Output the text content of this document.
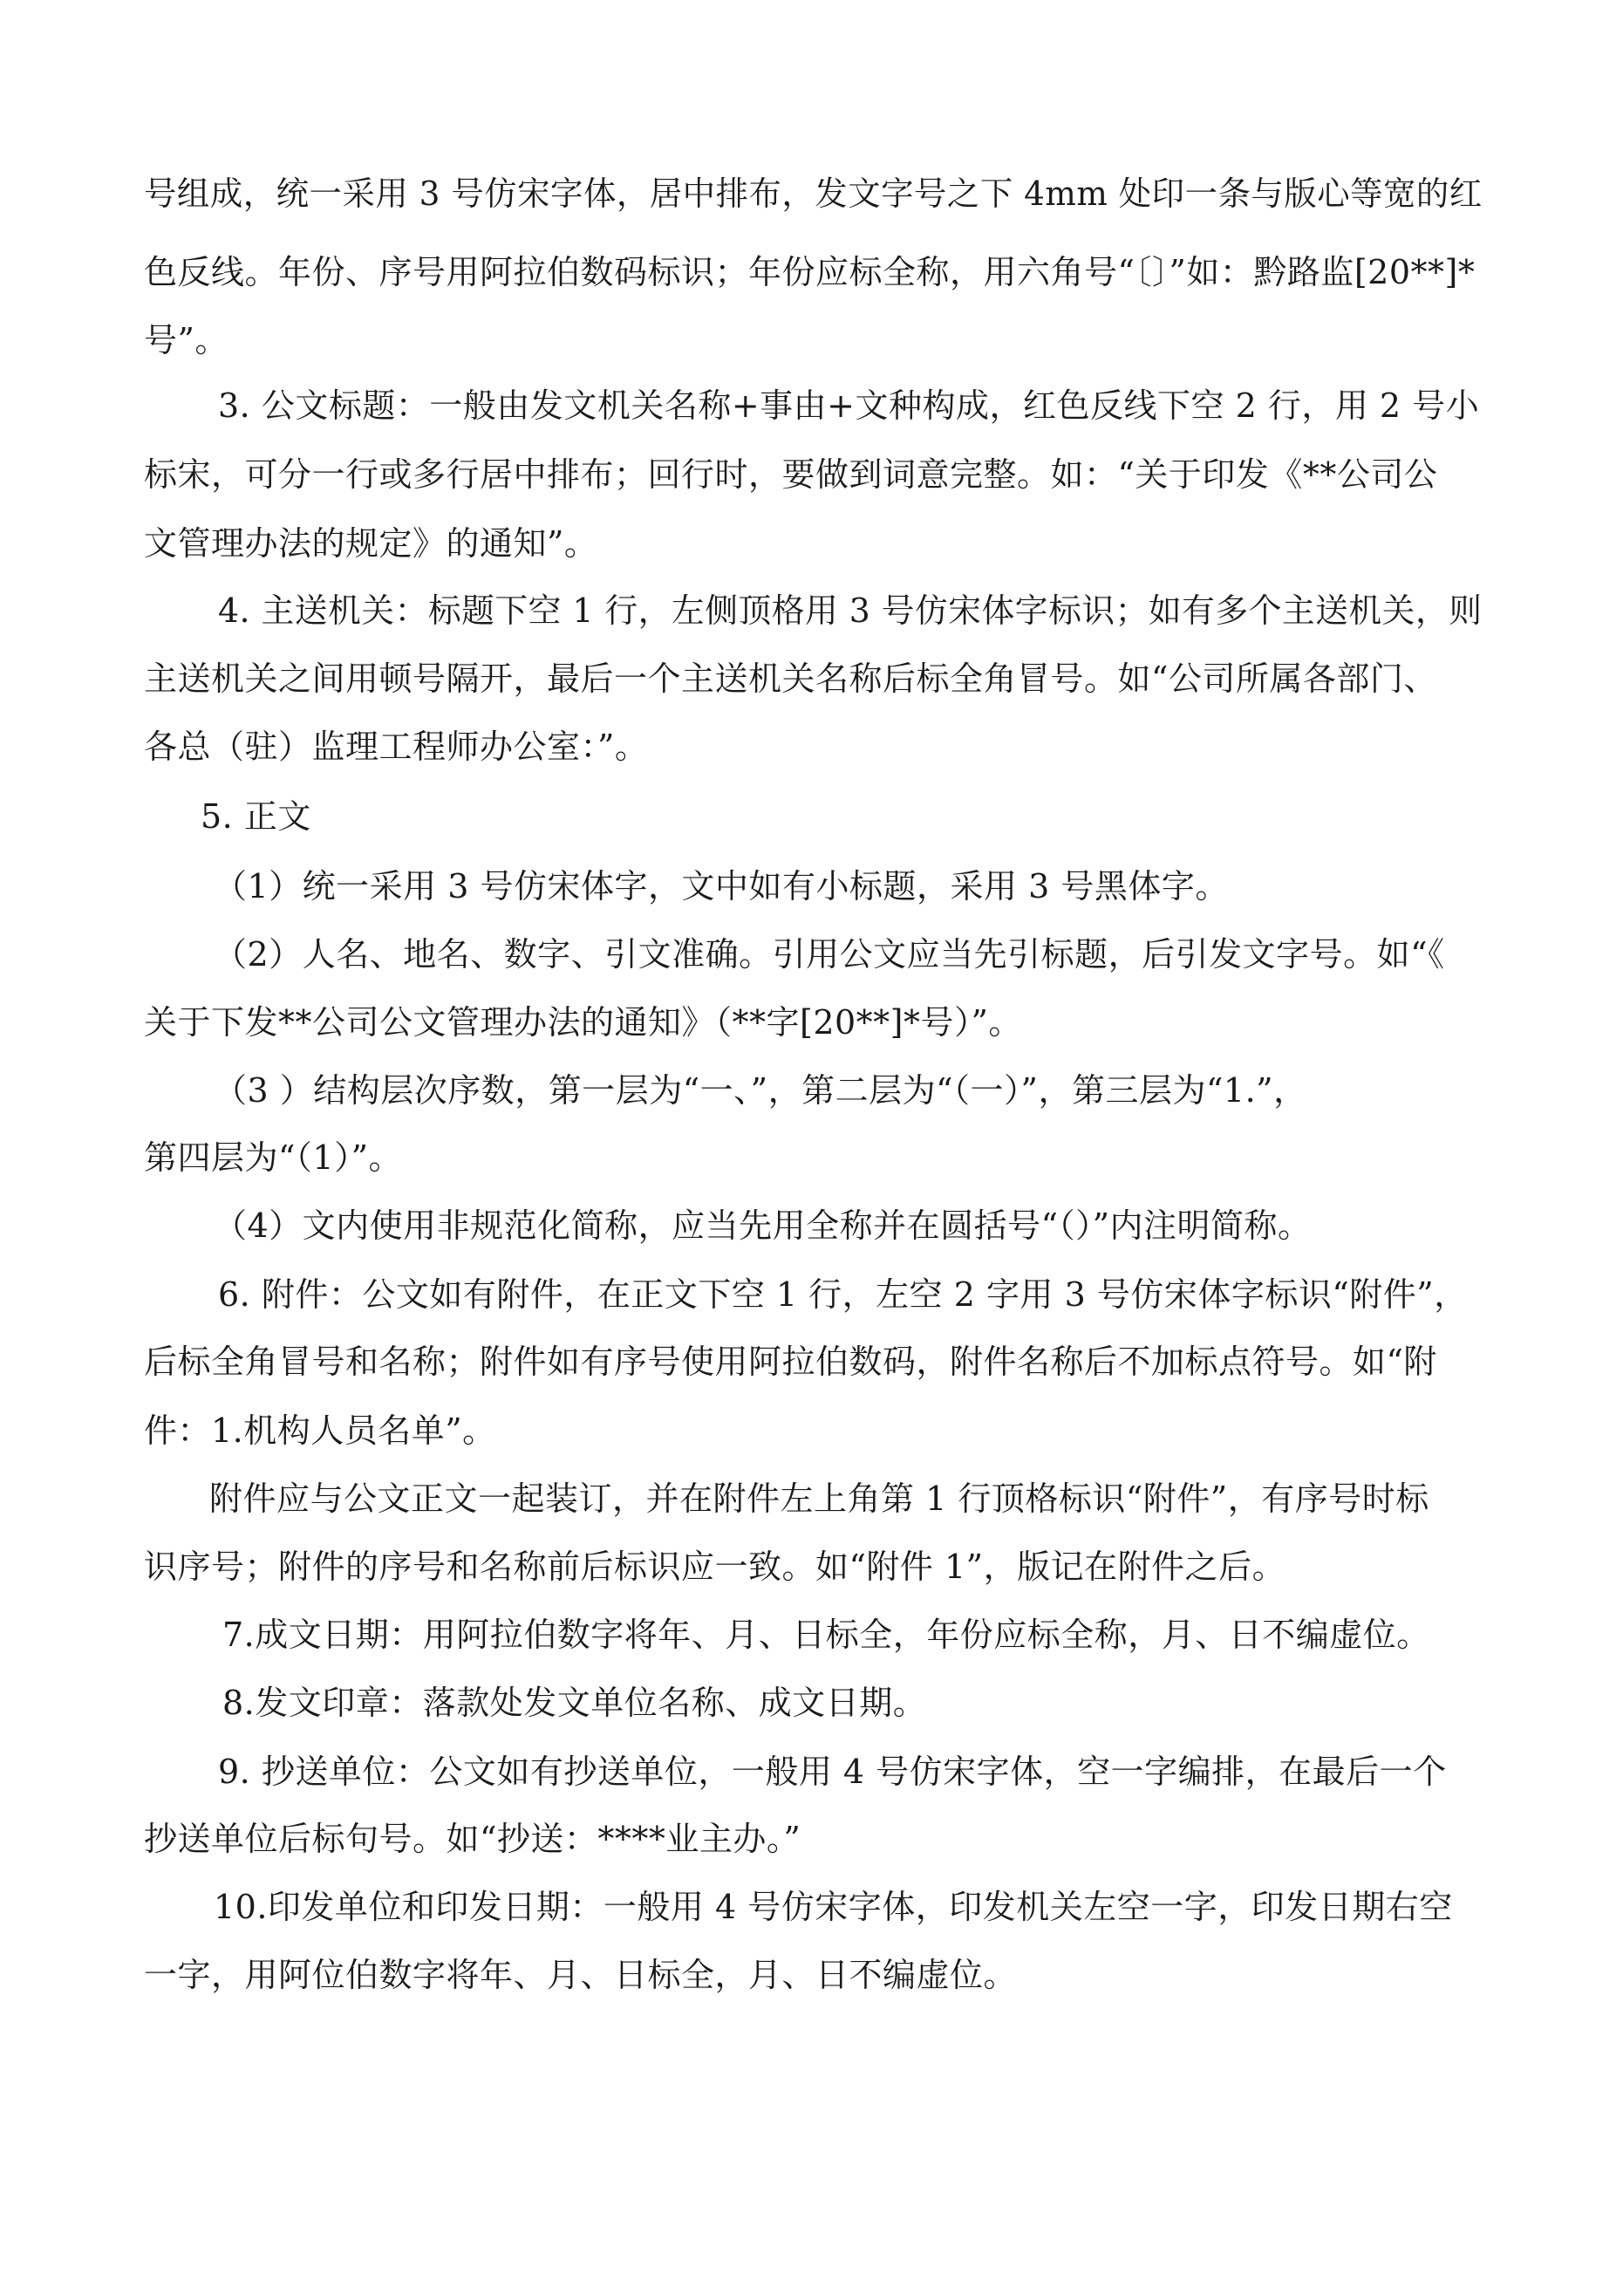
号组成，统一采用 3 号仿宋字体，居中排布，发文字号之下 4mm 处印一条与版心等宽的红
色反线。年份、序号用阿拉伯数码标识；年份应标全称，用六角号“〔〕”如：黔路监[20**]*
号”。
3. 公文标题：一般由发文机关名称+事由+文种构成，红色反线下空 2 行，用 2 号小
标宋，可分一行或多行居中排布；回行时，要做到词意完整。如：“关于印发《**公司公
文管理办法的规定》的通知”。
4. 主送机关：标题下空 1 行，左侧顶格用 3 号仿宋体字标识；如有多个主送机关，则
主送机关之间用顿号隔开，最后一个主送机关名称后标全角冒号。如“公司所属各部门、
各总（驻）监理工程师办公室：”。
5. 正文
（1）统一采用 3 号仿宋体字，文中如有小标题，采用 3 号黑体字。
（2）人名、地名、数字、引文准确。引用公文应当先引标题，后引发文字号。如“《
关于下发**公司公文管理办法的通知》（**字[20**]*号）”。
（3 ）结构层次序数，第一层为“一、”，第二层为“（一）”，第三层为“1.”，
第四层为“（1）”。
（4）文内使用非规范化简称，应当先用全称并在圆括号“（）”内注明简称。
6. 附件：公文如有附件，在正文下空 1 行，左空 2 字用 3 号仿宋体字标识“附件”，
后标全角冒号和名称；附件如有序号使用阿拉伯数码，附件名称后不加标点符号。如“附
件：1.机构人员名单”。
附件应与公文正文一起装订，并在附件左上角第 1 行顶格标识“附件”，有序号时标
识序号；附件的序号和名称前后标识应一致。如“附件 1”，版记在附件之后。
7.成文日期：用阿拉伯数字将年、月、日标全，年份应标全称，月、日不编虚位。
8.发文印章：落款处发文单位名称、成文日期。
9. 抄送单位：公文如有抄送单位，一般用 4 号仿宋字体，空一字编排，在最后一个
抄送单位后标句号。如“抄送：****业主办。”
10.印发单位和印发日期：一般用 4 号仿宋字体，印发机关左空一字，印发日期右空
一字，用阿位伯数字将年、月、日标全，月、日不编虚位。
